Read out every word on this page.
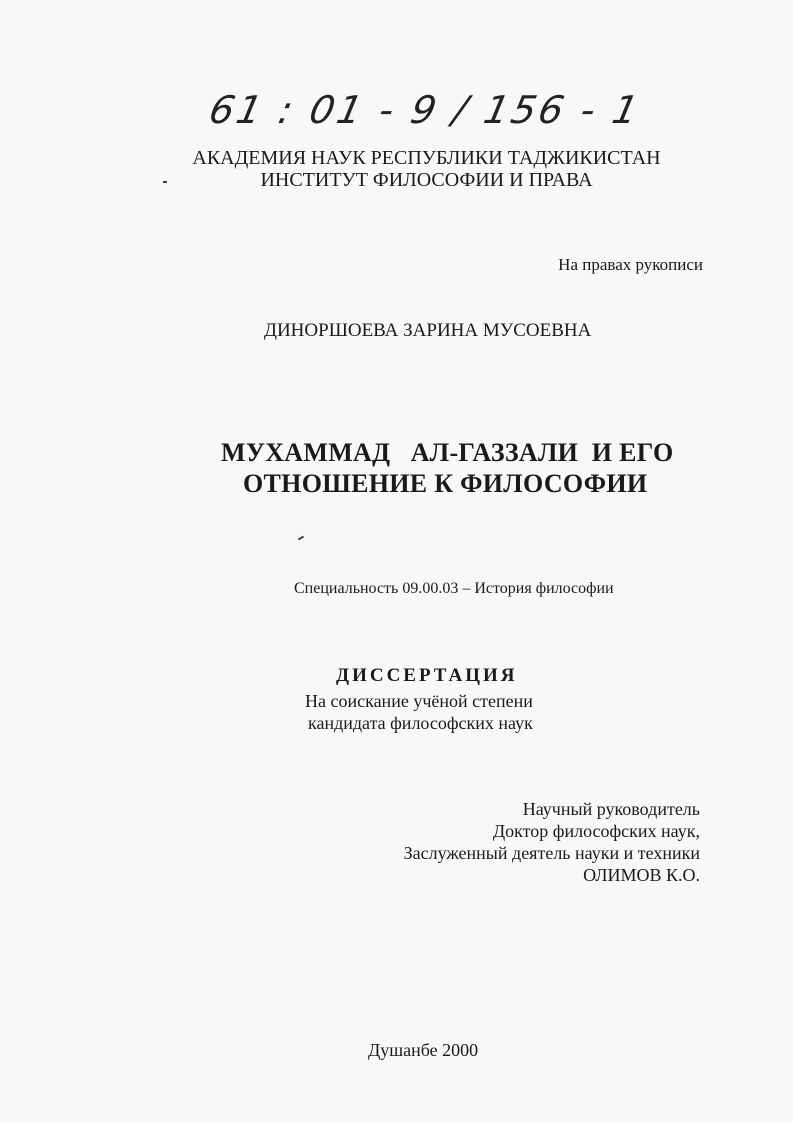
61 : 01 - 9 / 156 - 1
АКАДЕМИЯ НАУК РЕСПУБЛИКИ ТАДЖИКИСТАН
ИНСТИТУТ ФИЛОСОФИИ И ПРАВА
На правах рукописи
ДИНОРШОЕВА ЗАРИНА МУСОЕВНА
МУХАММАД   АЛ-ГАЗЗАЛИ  И ЕГО
ОТНОШЕНИЕ К ФИЛОСОФИИ
Специальность 09.00.03 – История философии
ДИССЕРТАЦИЯ
На соискание учёной степени
кандидата философских наук
Научный руководитель
Доктор философских наук,
Заслуженный деятель науки и техники
ОЛИМОВ К.О.
Душанбе 2000
